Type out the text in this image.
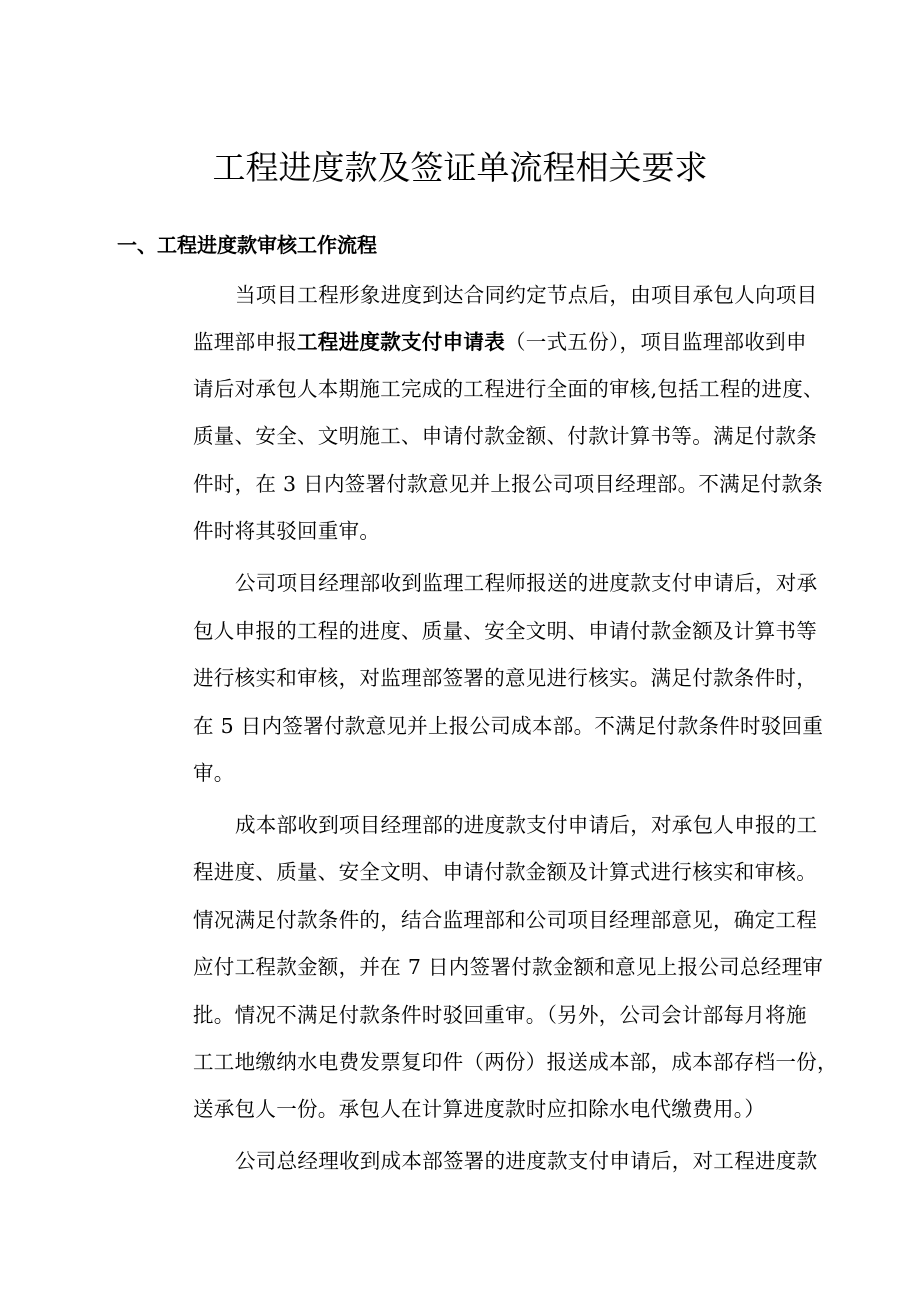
工程进度款及签证单流程相关要求
一、工程进度款审核工作流程
当项目工程形象进度到达合同约定节点后，由项目承包人向项目
监理部申报工程进度款支付申请表（一式五份），项目监理部收到申
请后对承包人本期施工完成的工程进行全面的审核,包括工程的进度、
质量、安全、文明施工、申请付款金额、付款计算书等。满足付款条
件时，在 3 日内签署付款意见并上报公司项目经理部。不满足付款条
件时将其驳回重审。
公司项目经理部收到监理工程师报送的进度款支付申请后，对承
包人申报的工程的进度、质量、安全文明、申请付款金额及计算书等
进行核实和审核，对监理部签署的意见进行核实。满足付款条件时，
在 5 日内签署付款意见并上报公司成本部。不满足付款条件时驳回重
审。
成本部收到项目经理部的进度款支付申请后，对承包人申报的工
程进度、质量、安全文明、申请付款金额及计算式进行核实和审核。
情况满足付款条件的，结合监理部和公司项目经理部意见，确定工程
应付工程款金额，并在 7 日内签署付款金额和意见上报公司总经理审
批。情况不满足付款条件时驳回重审。（另外，公司会计部每月将施
工工地缴纳水电费发票复印件（两份）报送成本部，成本部存档一份，
送承包人一份。承包人在计算进度款时应扣除水电代缴费用。）
公司总经理收到成本部签署的进度款支付申请后，对工程进度款
